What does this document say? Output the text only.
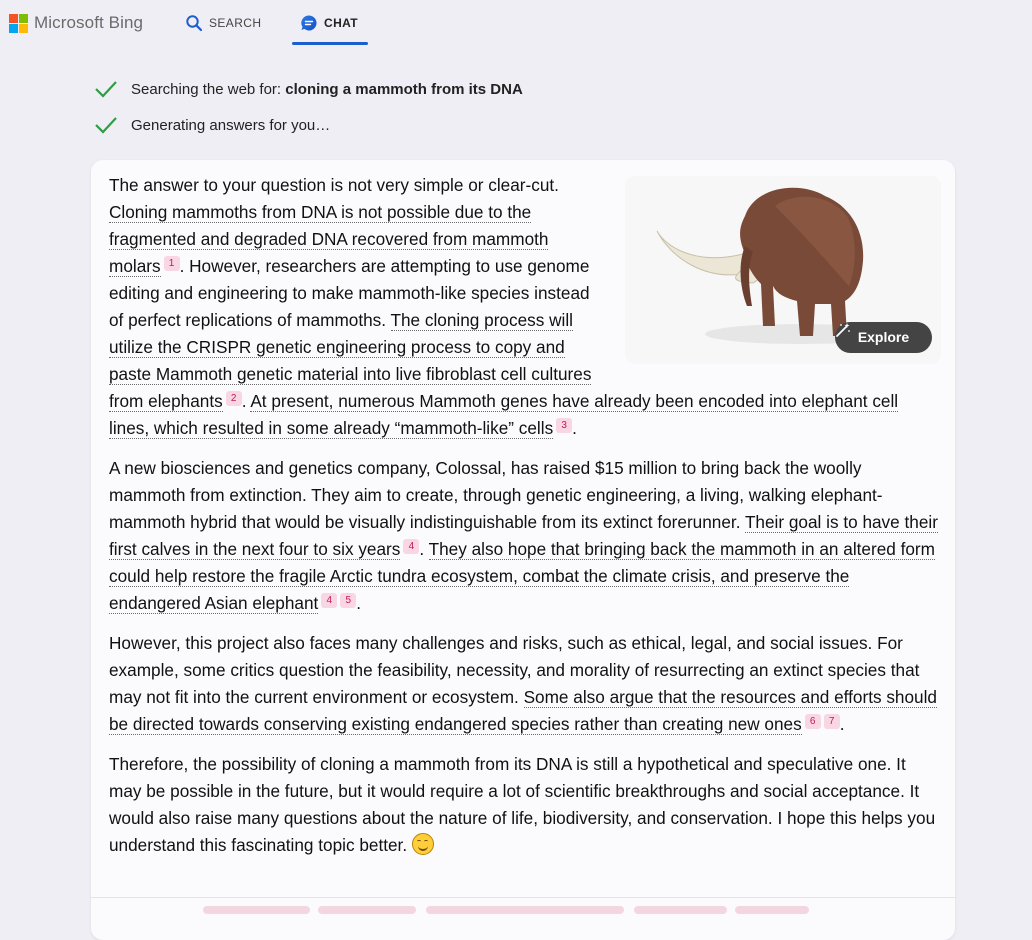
Microsoft Bing	SEARCH	CHAT
Searching the web for: cloning a mammoth from its DNA
Generating answers for you…
Explore

The answer to your question is not very simple or clear-cut. Cloning mammoths from DNA is not possible due to the fragmented and degraded DNA recovered from mammoth molars 1 . However, researchers are attempting to use genome editing and engineering to make mammoth-like species instead of perfect replications of mammoths. The cloning process will utilize the CRISPR genetic engineering process to copy and paste Mammoth genetic material into live fibroblast cell cultures from elephants 2 . At present, numerous Mammoth genes have already been encoded into elephant cell lines, which resulted in some already “mammoth-like” cells 3 .

A new biosciences and genetics company, Colossal, has raised $15 million to bring back the woolly mammoth from extinction. They aim to create, through genetic engineering, a living, walking elephant-mammoth hybrid that would be visually indistinguishable from its extinct forerunner. Their goal is to have their first calves in the next four to six years 4 . They also hope that bringing back the mammoth in an altered form could help restore the fragile Arctic tundra ecosystem, combat the climate crisis, and preserve the endangered Asian elephant 4 5 .

However, this project also faces many challenges and risks, such as ethical, legal, and social issues. For example, some critics question the feasibility, necessity, and morality of resurrecting an extinct species that may not fit into the current environment or ecosystem. Some also argue that the resources and efforts should be directed towards conserving existing endangered species rather than creating new ones 6 7 .

Therefore, the possibility of cloning a mammoth from its DNA is still a hypothetical and speculative one. It may be possible in the future, but it would require a lot of scientific breakthroughs and social acceptance. It would also raise many questions about the nature of life, biodiversity, and conservation. I hope this helps you understand this fascinating topic better.
